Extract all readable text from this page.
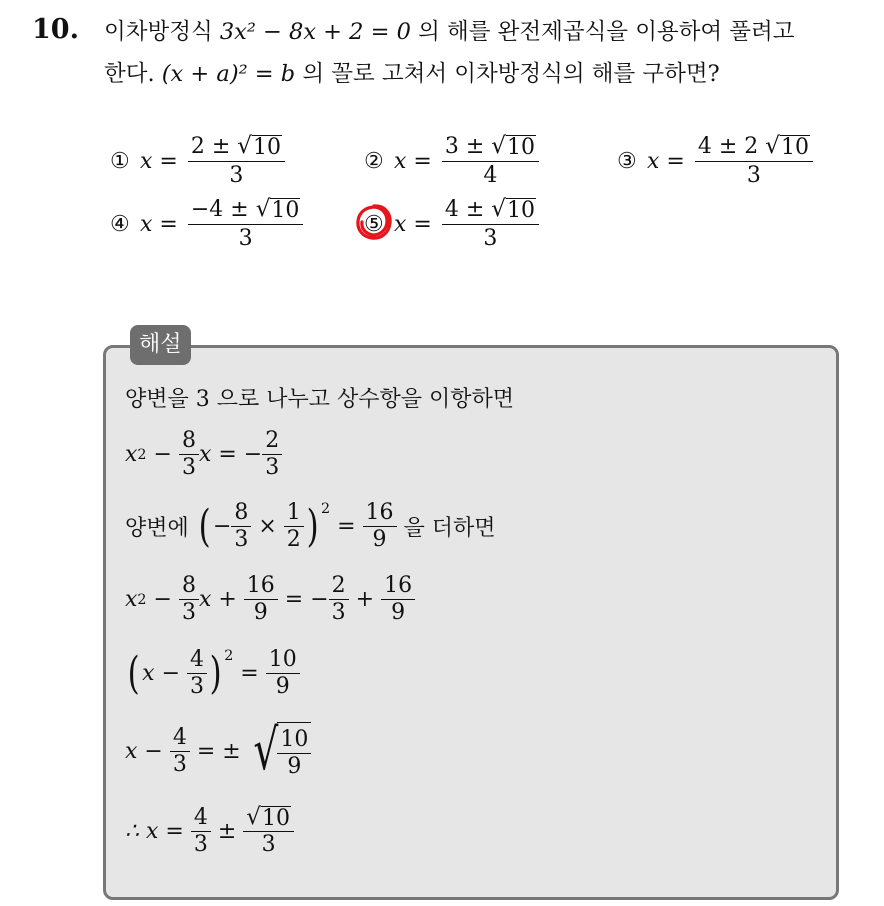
10. 이차방정식 3x² − 8x + 2 = 0 의 해를 완전제곱식을 이용하여 풀려고
한다. (x + a)² = b 의 꼴로 고쳐서 이차방정식의 해를 구하면?
① $x = \frac{2 \pm √ 10}{3}$	② $x = \frac{3 \pm √ 10}{4}$	③ $x = \frac{4 \pm 2 √ 10}{3}$
④ $x = \frac{-4 \pm √ 10}{3}$	⑤ $x = \frac{4 \pm √ 10}{3}$
해설
양변을 3 으로 나누고 상수항을 이항하면
x $2 - \frac{8}{3}$ x = − $\frac{2}{3}$
양변에
( − $\frac{8}{3} \times \frac{1}{2} )^2$
= $\frac{16}{9}$
을 더하면
x $2 - \frac{8}{3}$ $x + \frac{16}{9}$ = − $\frac{2}{3} + \frac{16}{9}$
( $x - \frac{4}{3} )^2$
= $\frac{10}{9}$
$x - \frac{4}{3}$ = ± √ $\frac{10}{9}$
∴ x =
$\frac{4}{3} \pm \frac{√ 10}{3}$
